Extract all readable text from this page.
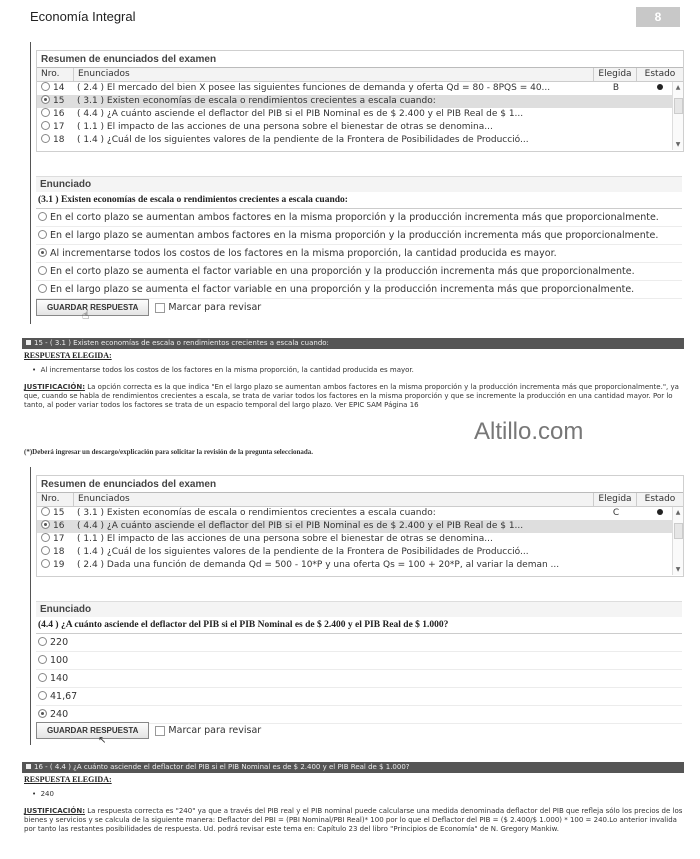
Economía Integral	8
Resumen de enunciados del examen
Nro.	Enunciados	Elegida	Estado
14	( 2.4 ) El mercado del bien X posee las siguientes funciones de demanda y oferta Qd = 80 - 8PQS = 40...	B
15	( 3.1 ) Existen economías de escala o rendimientos crecientes a escala cuando:
16	( 4.4 ) ¿A cuánto asciende el deflactor del PIB si el PIB Nominal es de $ 2.400 y el PIB Real de $ 1...
17	( 1.1 ) El impacto de las acciones de una persona sobre el bienestar de otras se denomina...
18	( 1.4 ) ¿Cuál de los siguientes valores de la pendiente de la Frontera de Posibilidades de Producció...
▲
▼
Enunciado
(3.1 ) Existen economías de escala o rendimientos crecientes a escala cuando:
En el corto plazo se aumentan ambos factores en la misma proporción y la producción incrementa más que proporcionalmente.
En el largo plazo se aumentan ambos factores en la misma proporción y la producción incrementa más que proporcionalmente.
Al incrementarse todos los costos de los factores en la misma proporción, la cantidad producida es mayor.
En el corto plazo se aumenta el factor variable en una proporción y la producción incrementa más que proporcionalmente.
En el largo plazo se aumenta el factor variable en una proporción y la producción incrementa más que proporcionalmente.
GUARDAR RESPUESTA	Marcar para revisar
☝
15 - ( 3.1 ) Existen economías de escala o rendimientos crecientes a escala cuando:
RESPUESTA ELEGIDA:
•  Al incrementarse todos los costos de los factores en la misma proporción, la cantidad producida es mayor.
JUSTIFICACIÓN: La opción correcta es la que indica "En el largo plazo se aumentan ambos factores en la misma proporción y la producción incrementa más que proporcionalmente.", ya que, cuando se habla de rendimientos crecientes a escala, se trata de variar todos los factores en la misma proporción y que se incremente la producción en una cantidad mayor. Por lo tanto, al poder variar todos los factores se trata de un espacio temporal del largo plazo. Ver EPIC SAM Página 16
Altillo.com
(*)Deberá ingresar un descargo/explicación para solicitar la revisión de la pregunta seleccionada.
Resumen de enunciados del examen
Nro.	Enunciados	Elegida	Estado
15	( 3.1 ) Existen economías de escala o rendimientos crecientes a escala cuando:	C
16	( 4.4 ) ¿A cuánto asciende el deflactor del PIB si el PIB Nominal es de $ 2.400 y el PIB Real de $ 1...
17	( 1.1 ) El impacto de las acciones de una persona sobre el bienestar de otras se denomina...
18	( 1.4 ) ¿Cuál de los siguientes valores de la pendiente de la Frontera de Posibilidades de Producció...
19	( 2.4 ) Dada una función de demanda Qd = 500 - 10*P y una oferta Qs = 100 + 20*P, al variar la deman ...
▲
▼
Enunciado
(4.4 ) ¿A cuánto asciende el deflactor del PIB si el PIB Nominal es de $ 2.400 y el PIB Real de $ 1.000?
220
100
140
41,67
240
GUARDAR RESPUESTA	Marcar para revisar
↖
16 - ( 4.4 ) ¿A cuánto asciende el deflactor del PIB si el PIB Nominal es de $ 2.400 y el PIB Real de $ 1.000?
RESPUESTA ELEGIDA:
•  240
JUSTIFICACIÓN: La respuesta correcta es "240" ya que a través del PIB real y el PIB nominal puede calcularse una medida denominada deflactor del PIB que refleja sólo los precios de los bienes y servicios y se calcula de la siguiente manera: Deflactor del PBI = (PBI Nominal/PBI Real)* 100 por lo que el Deflactor del PIB = ($ 2.400/$ 1.000) * 100 = 240.Lo anterior invalida por tanto las restantes posibilidades de respuesta. Ud. podrá revisar este tema en: Capítulo 23 del libro "Principios de Economía" de N. Gregory Mankiw.
